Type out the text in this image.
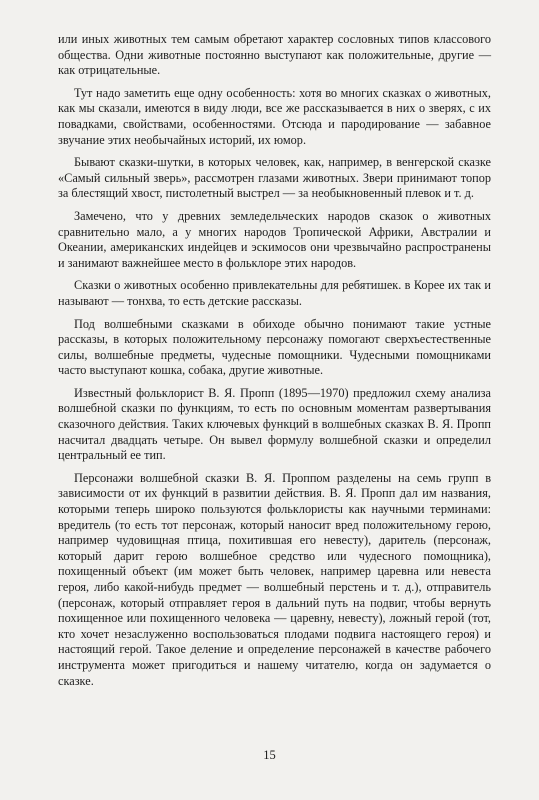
или иных животных тем самым обретают характер сословных типов классового общества. Одни животные постоянно выступают как положительные, другие — как отрицательные.

Тут надо заметить еще одну особенность: хотя во многих сказках о животных, как мы сказали, имеются в виду люди, все же рассказывается в них о зверях, с их повадками, свойствами, особенностями. Отсюда и пародирование — забавное звучание этих необычайных историй, их юмор.

Бывают сказки-шутки, в которых человек, как, например, в венгерской сказке «Самый сильный зверь», рассмотрен глазами животных. Звери принимают топор за блестящий хвост, пистолетный выстрел — за необыкновенный плевок и т. д.

Замечено, что у древних земледельческих народов сказок о животных сравнительно мало, а у многих народов Тропической Африки, Австралии и Океании, американских индейцев и эскимосов они чрезвычайно распространены и занимают важнейшее место в фольклоре этих народов.

Сказки о животных особенно привлекательны для ребятишек. в Корее их так и называют — тонхва, то есть детские рассказы.

Под волшебными сказками в обиходе обычно понимают такие устные рассказы, в которых положительному персонажу помогают сверхъестественные силы, волшебные предметы, чудесные помощники. Чудесными помощниками часто выступают кошка, собака, другие животные.

Известный фольклорист В. Я. Пропп (1895—1970) предложил схему анализа волшебной сказки по функциям, то есть по основным моментам развертывания сказочного действия. Таких ключевых функций в волшебных сказках В. Я. Пропп насчитал двадцать четыре. Он вывел формулу волшебной сказки и определил центральный ее тип.

Персонажи волшебной сказки В. Я. Проппом разделены на семь групп в зависимости от их функций в развитии действия. В. Я. Пропп дал им названия, которыми теперь широко пользуются фольклористы как научными терминами: вредитель (то есть тот персонаж, который наносит вред положительному герою, например чудовищная птица, похитившая его невесту), даритель (персонаж, который дарит герою волшебное средство или чудесного помощника), похищенный объект (им может быть человек, например царевна или невеста героя, либо какой-нибудь предмет — волшебный перстень и т. д.), отправитель (персонаж, который отправляет героя в дальний путь на подвиг, чтобы вернуть похищенное или похищенного человека — царевну, невесту), ложный герой (тот, кто хочет незаслуженно воспользоваться плодами подвига настоящего героя) и настоящий герой. Такое деление и определение персонажей в качестве рабочего инструмента может пригодиться и нашему читателю, когда он задумается о сказке.

15
